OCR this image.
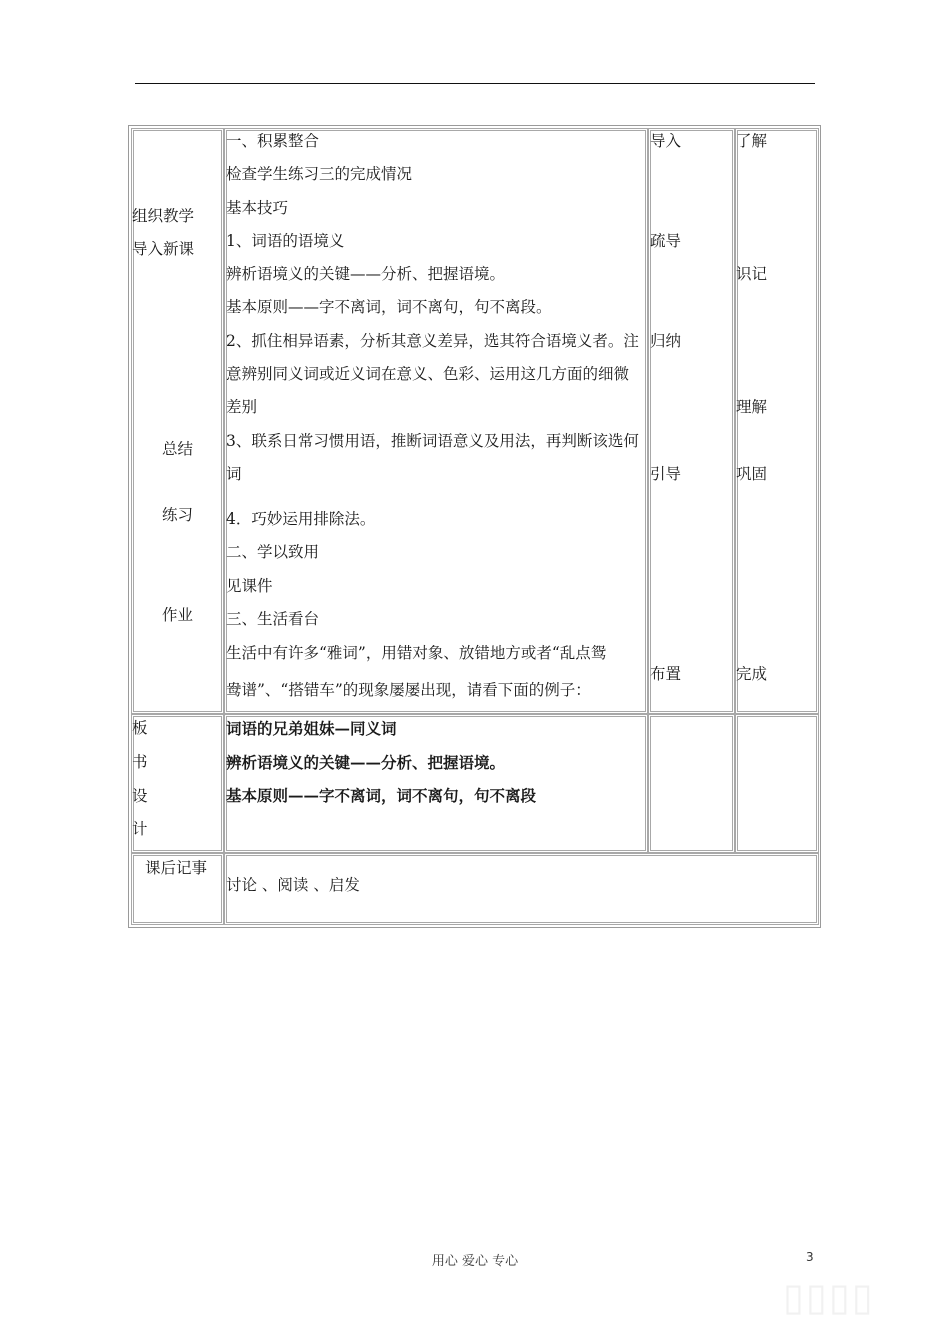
组织教学
导入新课
总结
练习
作业
一、积累整合
检查学生练习三的完成情况
基本技巧
1、词语的语境义
辨析语境义的关键——分析、把握语境。
基本原则——字不离词，词不离句，句不离段。
2、抓住相异语素，分析其意义差异，选其符合语境义者。注
意辨别同义词或近义词在意义、色彩、运用这几方面的细微
差别
3、联系日常习惯用语，推断词语意义及用法，再判断该选何
词
4．巧妙运用排除法。
二、学以致用
见课件
三、生活看台
生活中有许多“雅词”，用错对象、放错地方或者“乱点鸳
鸯谱”、“搭错车”的现象屡屡出现，请看下面的例子：
导入
疏导
归纳
引导
布置
了解
识记
理解
巩固
完成
板
书
设
计
词语的兄弟姐妹—同义词
辨析语境义的关键——分析、把握语境。
基本原则——字不离词，词不离句，句不离段
课后记事
讨论 、阅读 、启发
用心 爱心 专心	3
▯▯▯▯
